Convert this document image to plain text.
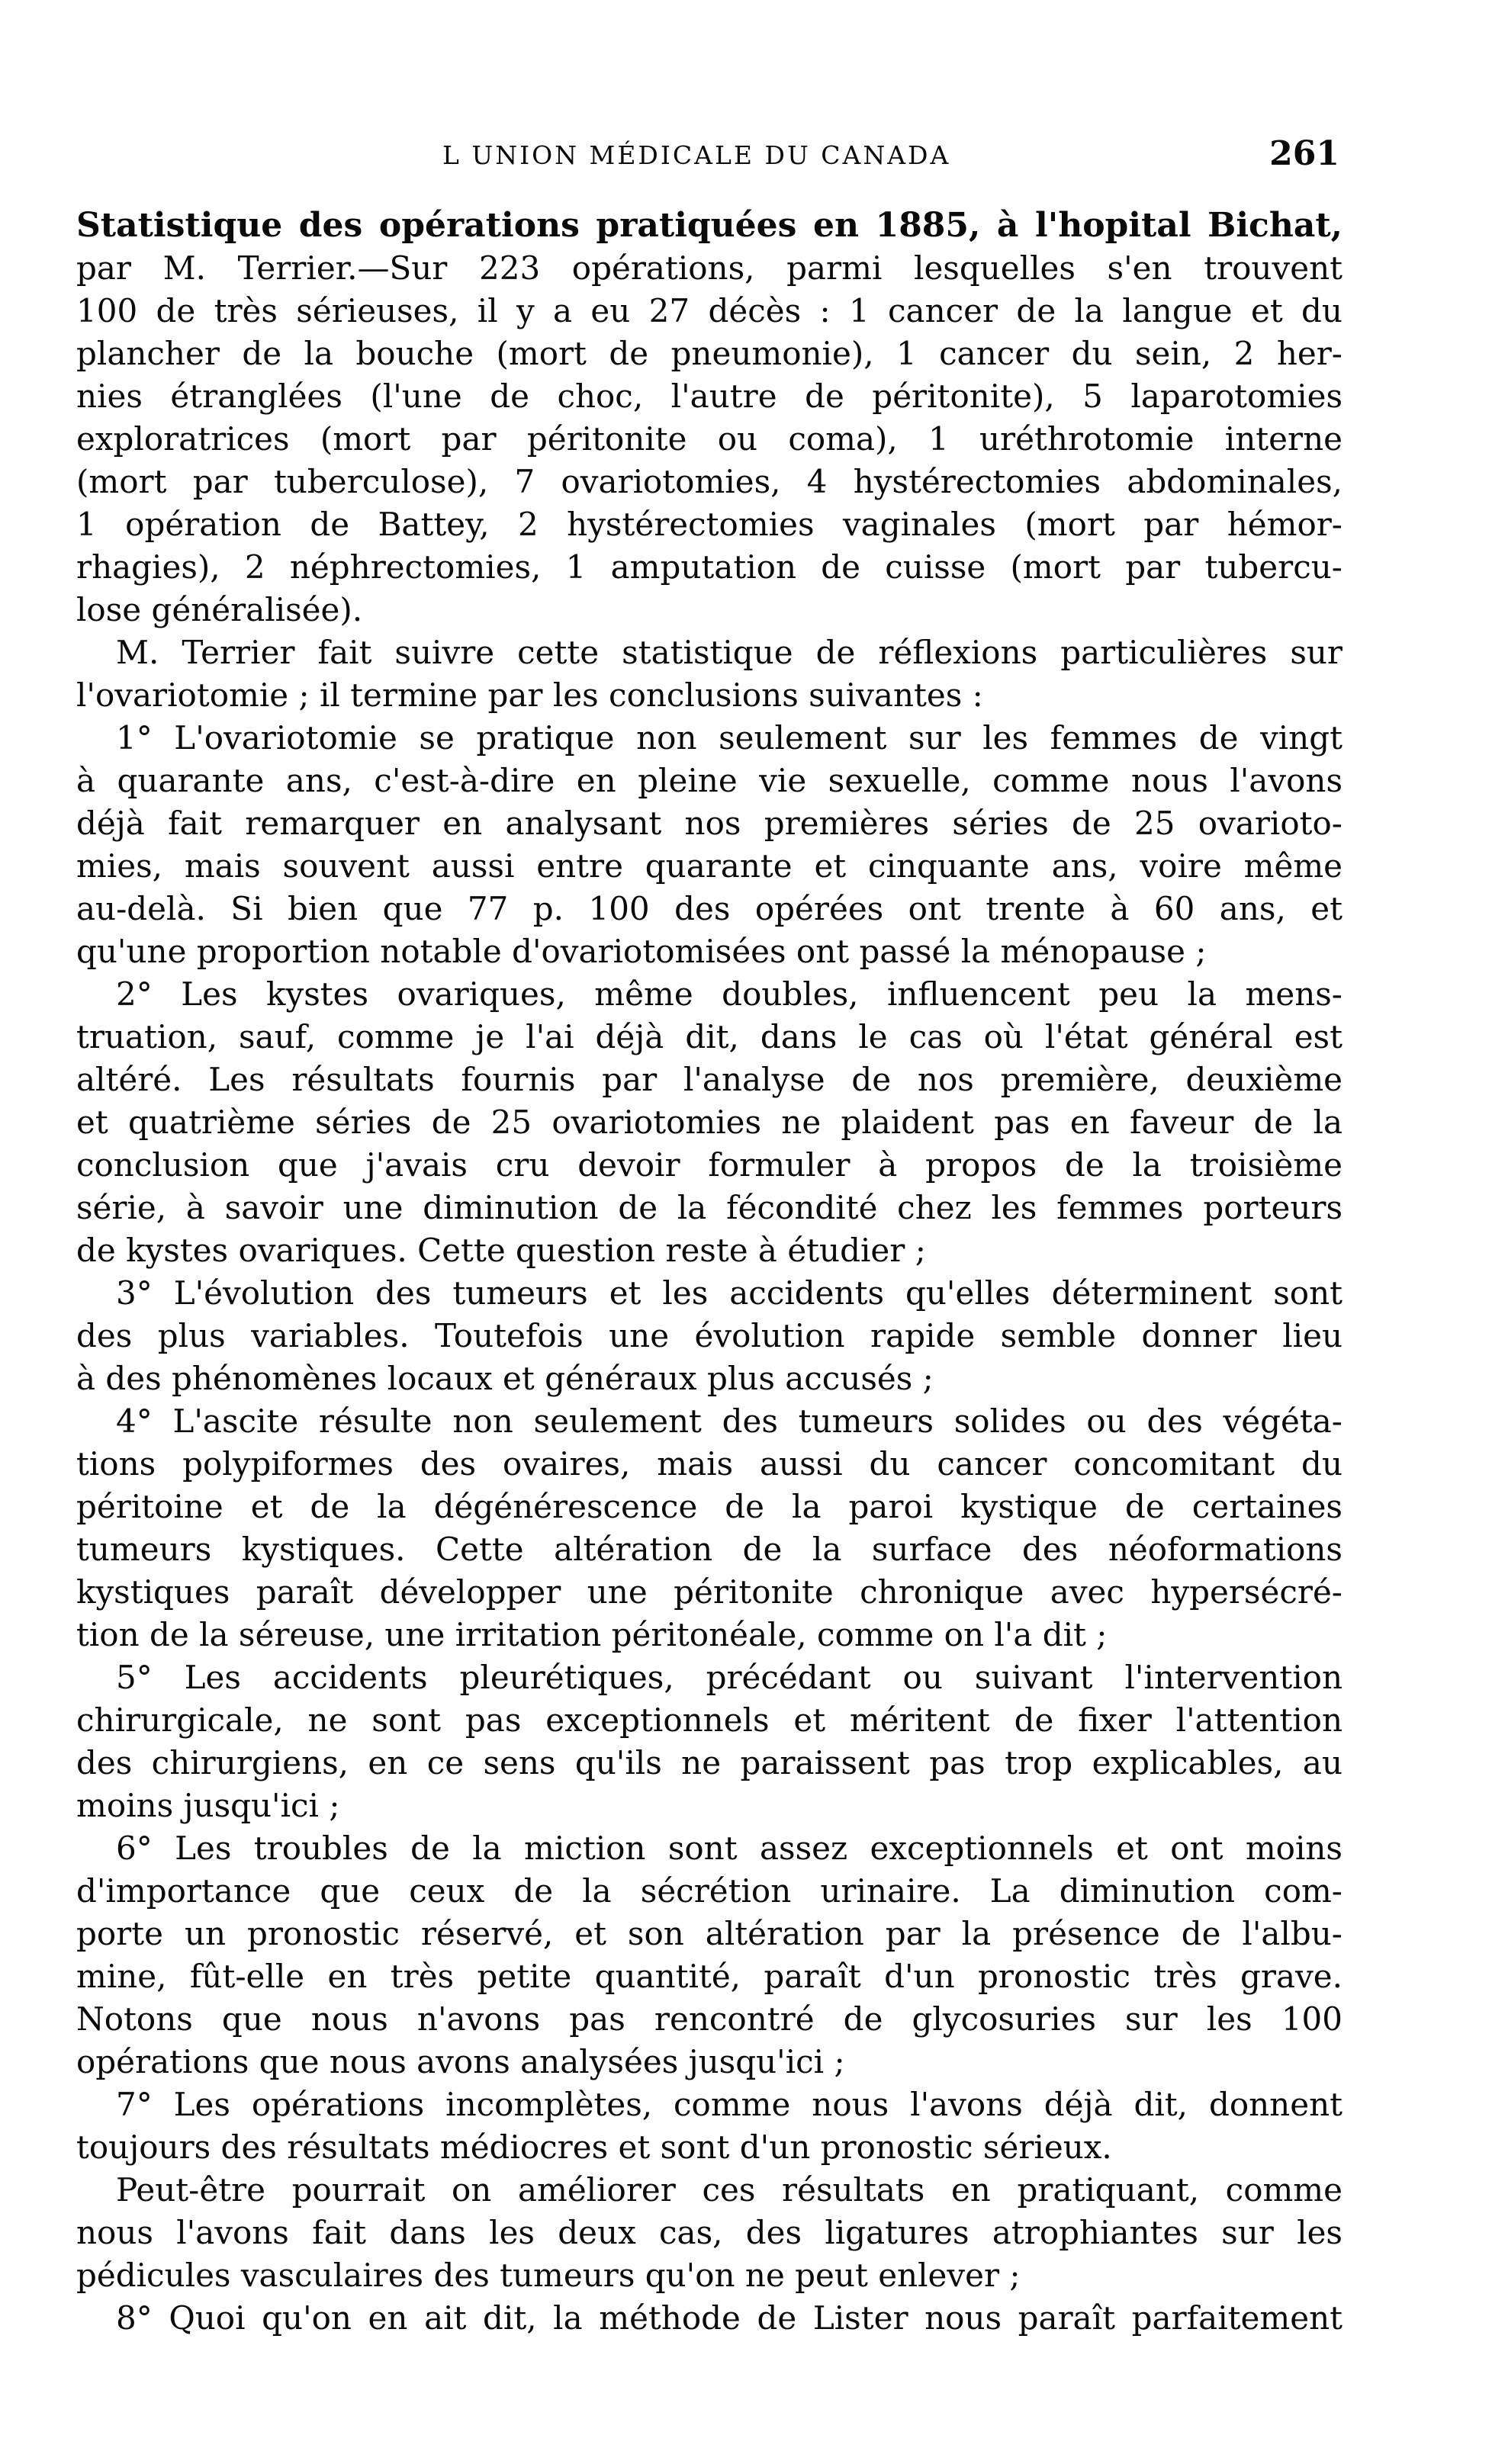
L UNION MÉDICALE DU CANADA	261

Statistique des opérations pratiquées en 1885, à l'hopital Bichat,
par M. Terrier.—Sur 223 opérations, parmi lesquelles s'en trouvent
100 de très sérieuses, il y a eu 27 décès : 1 cancer de la langue et du
plancher de la bouche (mort de pneumonie), 1 cancer du sein, 2 her-
nies étranglées (l'une de choc, l'autre de péritonite), 5 laparotomies
exploratrices (mort par péritonite ou coma), 1 uréthrotomie interne
(mort par tuberculose), 7 ovariotomies, 4 hystérectomies abdominales,
1 opération de Battey, 2 hystérectomies vaginales (mort par hémor-
rhagies), 2 néphrectomies, 1 amputation de cuisse (mort par tubercu-
lose généralisée).

M. Terrier fait suivre cette statistique de réflexions particulières sur
l'ovariotomie ; il termine par les conclusions suivantes :

1° L'ovariotomie se pratique non seulement sur les femmes de vingt
à quarante ans, c'est-à-dire en pleine vie sexuelle, comme nous l'avons
déjà fait remarquer en analysant nos premières séries de 25 ovarioto-
mies, mais souvent aussi entre quarante et cinquante ans, voire même
au-delà. Si bien que 77 p. 100 des opérées ont trente à 60 ans, et
qu'une proportion notable d'ovariotomisées ont passé la ménopause ;

2° Les kystes ovariques, même doubles, influencent peu la mens-
truation, sauf, comme je l'ai déjà dit, dans le cas où l'état général est
altéré. Les résultats fournis par l'analyse de nos première, deuxième
et quatrième séries de 25 ovariotomies ne plaident pas en faveur de la
conclusion que j'avais cru devoir formuler à propos de la troisième
série, à savoir une diminution de la fécondité chez les femmes porteurs
de kystes ovariques. Cette question reste à étudier ;

3° L'évolution des tumeurs et les accidents qu'elles déterminent sont
des plus variables. Toutefois une évolution rapide semble donner lieu
à des phénomènes locaux et généraux plus accusés ;

4° L'ascite résulte non seulement des tumeurs solides ou des végéta-
tions polypiformes des ovaires, mais aussi du cancer concomitant du
péritoine et de la dégénérescence de la paroi kystique de certaines
tumeurs kystiques. Cette altération de la surface des néoformations
kystiques paraît développer une péritonite chronique avec hypersécré-
tion de la séreuse, une irritation péritonéale, comme on l'a dit ;

5° Les accidents pleurétiques, précédant ou suivant l'intervention
chirurgicale, ne sont pas exceptionnels et méritent de fixer l'attention
des chirurgiens, en ce sens qu'ils ne paraissent pas trop explicables, au
moins jusqu'ici ;

6° Les troubles de la miction sont assez exceptionnels et ont moins
d'importance que ceux de la sécrétion urinaire. La diminution com-
porte un pronostic réservé, et son altération par la présence de l'albu-
mine, fût-elle en très petite quantité, paraît d'un pronostic très grave.
Notons que nous n'avons pas rencontré de glycosuries sur les 100
opérations que nous avons analysées jusqu'ici ;

7° Les opérations incomplètes, comme nous l'avons déjà dit, donnent
toujours des résultats médiocres et sont d'un pronostic sérieux.
Peut-être pourrait on améliorer ces résultats en pratiquant, comme
nous l'avons fait dans les deux cas, des ligatures atrophiantes sur les
pédicules vasculaires des tumeurs qu'on ne peut enlever ;

8° Quoi qu'on en ait dit, la méthode de Lister nous paraît parfaitement
